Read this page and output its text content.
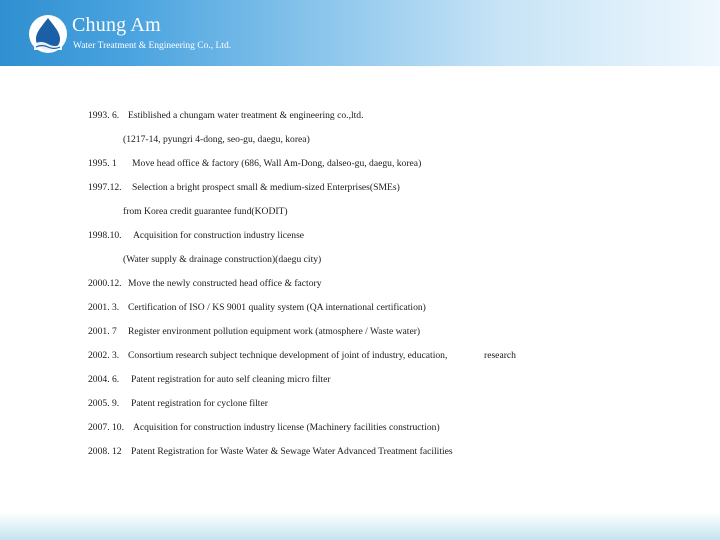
Chung Am
Water Treatment & Engineering Co., Ltd.
1993. 6. Estiblished a chungam water treatment & engineering co.,ltd.
(1217-14, pyungri 4-dong, seo-gu, daegu, korea)
1995. 1 Move head office & factory (686, Wall Am-Dong, dalseo-gu, daegu, korea)
1997.12. Selection a bright prospect small & medium-sized Enterprises(SMEs)
from Korea credit guarantee fund(KODIT)
1998.10. Acquisition for construction industry license
(Water supply & drainage construction)(daegu city)
2000.12. Move the newly constructed head office & factory
2001. 3. Certification of ISO / KS 9001 quality system (QA international certification)
2001. 7 Register environment pollution equipment work (atmosphere / Waste water)
2002. 3. Consortium research subject technique development of joint of industry, education,	research
2004. 6. Patent registration for auto self cleaning micro filter
2005. 9. Patent registration for cyclone filter
2007. 10. Acquisition for construction industry license (Machinery facilities construction)
2008. 12 Patent Registration for Waste Water & Sewage Water Advanced Treatment facilities
